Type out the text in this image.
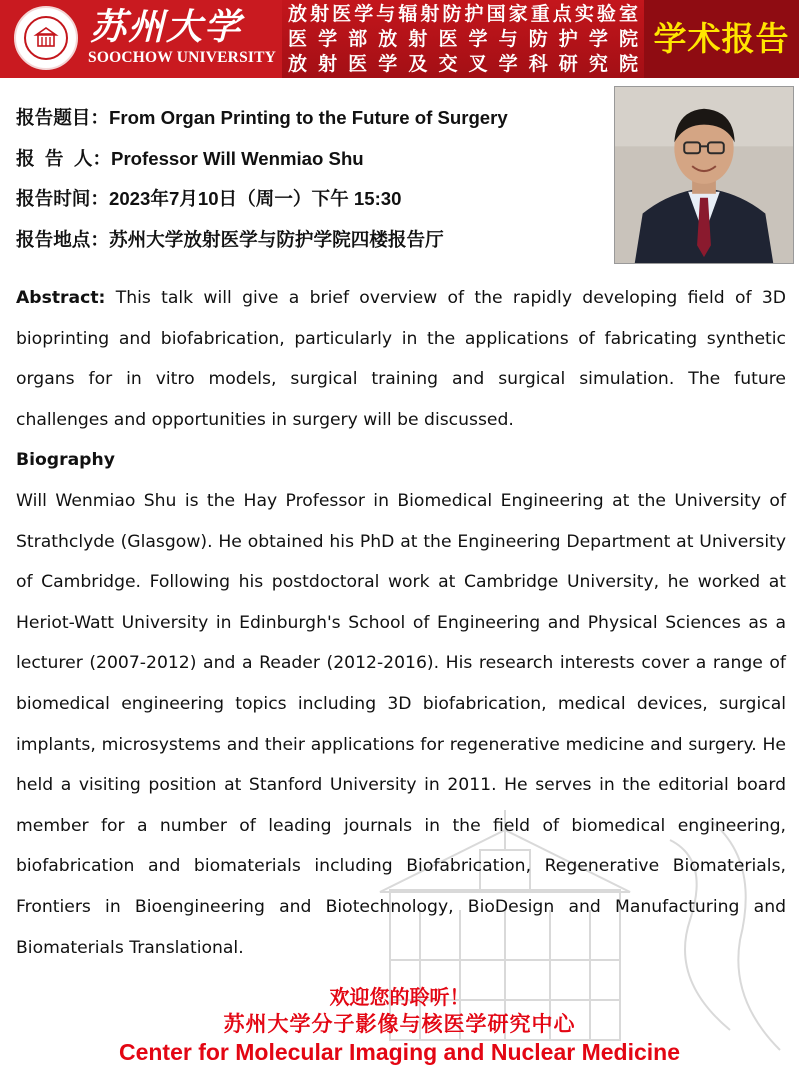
苏州大学
SOOCHOW UNIVERSITY
放射医学与辐射防护国家重点实验室
医学部放射医学与防护学院
放射医学及交叉学科研究院
学术报告
报告题目：From Organ Printing to the Future of Surgery
报  告  人：Professor Will Wenmiao Shu
报告时间：2023年7月10日（周一）下午 15:30
报告地点：苏州大学放射医学与防护学院四楼报告厅

Abstract: This talk will give a brief overview of the rapidly developing field of 3D bioprinting and biofabrication, particularly in the applications of fabricating synthetic organs for in vitro models, surgical training and surgical simulation. The future challenges and opportunities in surgery will be discussed.

Biography

Will Wenmiao Shu is the Hay Professor in Biomedical Engineering at the University of Strathclyde (Glasgow). He obtained his PhD at the Engineering Department at University of Cambridge. Following his postdoctoral work at Cambridge University, he worked at Heriot-Watt University in Edinburgh's School of Engineering and Physical Sciences as a lecturer (2007-2012) and a Reader (2012-2016). His research interests cover a range of biomedical engineering topics including 3D biofabrication, medical devices, surgical implants, microsystems and their applications for regenerative medicine and surgery. He held a visiting position at Stanford University in 2011. He serves in the editorial board member for a number of leading journals in the field of biomedical engineering, biofabrication and biomaterials including Biofabrication, Regenerative Biomaterials, Frontiers in Bioengineering and Biotechnology, BioDesign and Manufacturing and Biomaterials Translational.

欢迎您的聆听！
苏州大学分子影像与核医学研究中心
Center for Molecular Imaging and Nuclear Medicine
